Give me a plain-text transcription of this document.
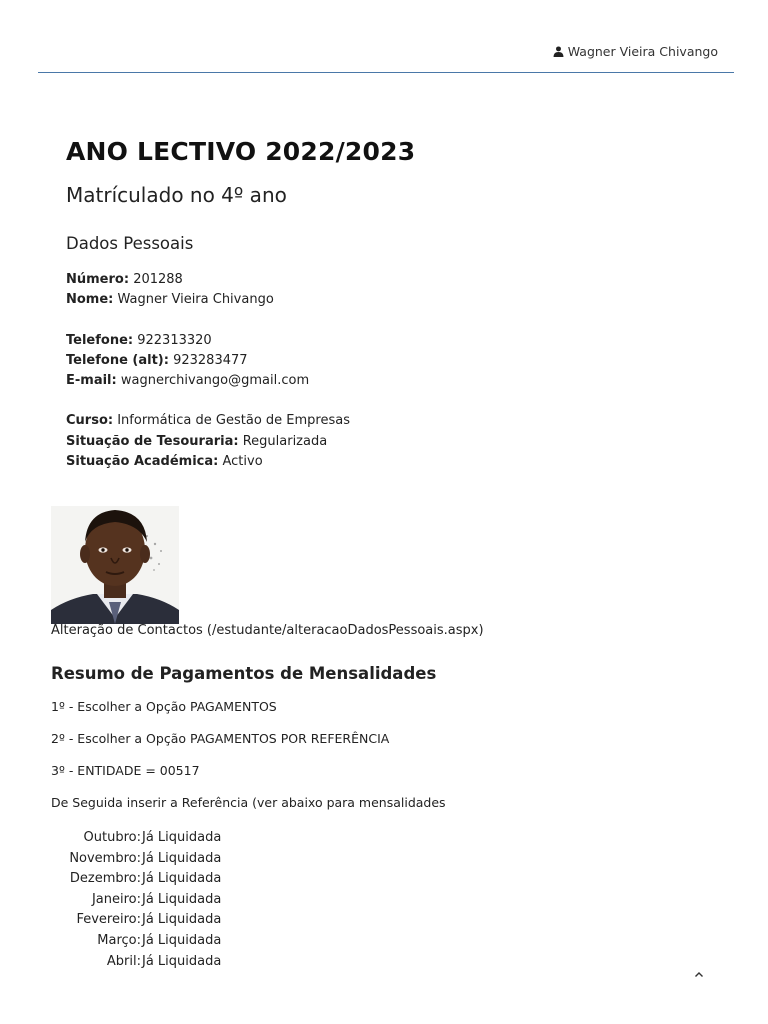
Wagner Vieira Chivango
ANO LECTIVO 2022/2023
Matrículado no 4º ano
Dados Pessoais
Número: 201288
Nome: Wagner Vieira Chivango
Telefone: 922313320
Telefone (alt): 923283477
E-mail: wagnerchivango@gmail.com
Curso: Informática de Gestão de Empresas
Situação de Tesouraria: Regularizada
Situação Académica: Activo
Alteração de Contactos (/estudante/alteracaoDadosPessoais.aspx)
Resumo de Pagamentos de Mensalidades
1º - Escolher a Opção PAGAMENTOS
2º - Escolher a Opção PAGAMENTOS POR REFERÊNCIA
3º - ENTIDADE = 00517
De Seguida inserir a Referência (ver abaixo para mensalidades
Outubro: Já Liquidada
Novembro: Já Liquidada
Dezembro: Já Liquidada
Janeiro: Já Liquidada
Fevereiro: Já Liquidada
Março: Já Liquidada
Abril: Já Liquidada
